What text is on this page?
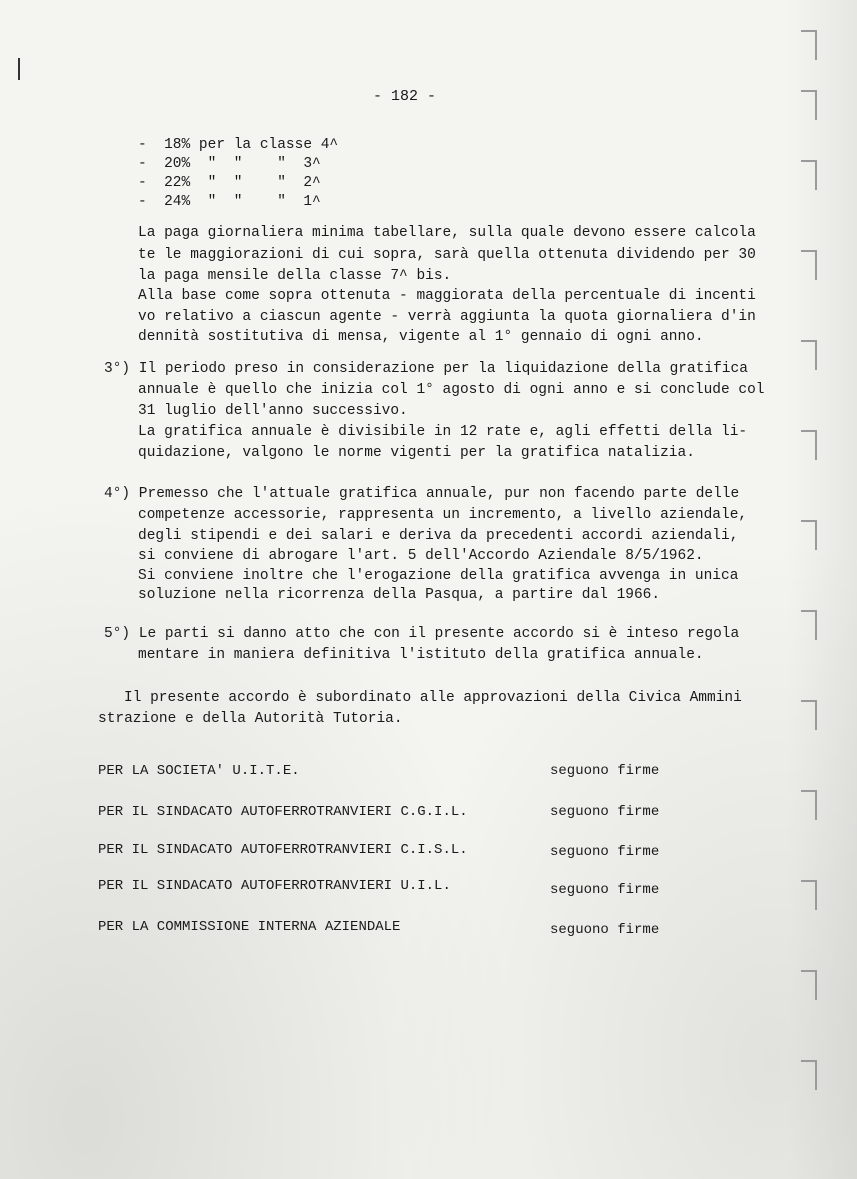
- 182 -
-  18% per la classe 4^
-  20%  "  "    "  3^
-  22%  "  "    "  2^
-  24%  "  "    "  1^
La paga giornaliera minima tabellare, sulla quale devono essere calcola
te le maggiorazioni di cui sopra, sarà quella ottenuta dividendo per 30
la paga mensile della classe 7^ bis.
Alla base come sopra ottenuta - maggiorata della percentuale di incenti
vo relativo a ciascun agente - verrà aggiunta la quota giornaliera d'in
dennità sostitutiva di mensa, vigente al 1° gennaio di ogni anno.
3°) Il periodo preso in considerazione per la liquidazione della gratifica
annuale è quello che inizia col 1° agosto di ogni anno e si conclude col
31 luglio dell'anno successivo.
La gratifica annuale è divisibile in 12 rate e, agli effetti della li-
quidazione, valgono le norme vigenti per la gratifica natalizia.
4°) Premesso che l'attuale gratifica annuale, pur non facendo parte delle
competenze accessorie, rappresenta un incremento, a livello aziendale,
degli stipendi e dei salari e deriva da precedenti accordi aziendali,
si conviene di abrogare l'art. 5 dell'Accordo Aziendale 8/5/1962.
Si conviene inoltre che l'erogazione della gratifica avvenga in unica
soluzione nella ricorrenza della Pasqua, a partire dal 1966.
5°) Le parti si danno atto che con il presente accordo si è inteso regola
mentare in maniera definitiva l'istituto della gratifica annuale.
Il presente accordo è subordinato alle approvazioni della Civica Ammini
strazione e della Autorità Tutoria.
PER LA SOCIETA' U.I.T.E.	seguono firme
PER IL SINDACATO AUTOFERROTRANVIERI C.G.I.L.	seguono firme
PER IL SINDACATO AUTOFERROTRANVIERI C.I.S.L.	seguono firme
PER IL SINDACATO AUTOFERROTRANVIERI U.I.L.	seguono firme
PER LA COMMISSIONE INTERNA AZIENDALE	seguono firme
